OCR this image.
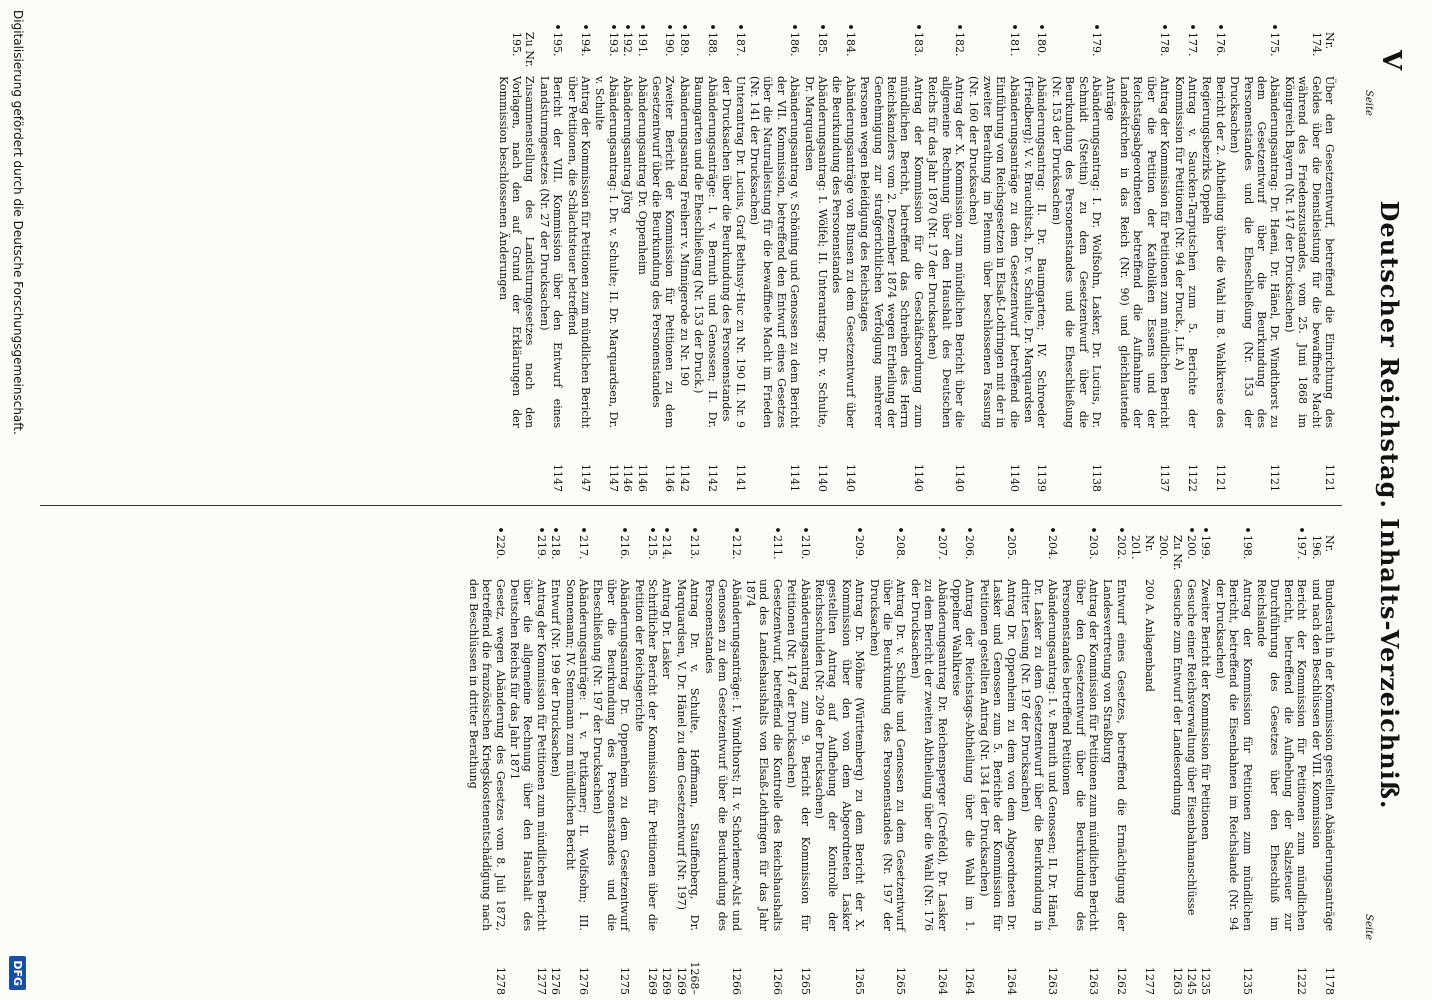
V
Deutscher Reichstag. Inhalts-Verzeichniß.
Seite
Seite
Nr. 174.
Über den Gesetzentwurf, betreffend die Einrichtung des Geldes über die Dienstleistung für die bewaffnete Macht während des Friedenszustandes, vom 25. Juni 1868 im Königreich Bayern (Nr. 147 der Drucksachen)
1121
•
175.
Abänderungsantrag: Dr. Haeni, Dr. Hänel, Dr. Windthorst zu dem Gesetzentwurf über die Beurkundung des Personenstandes und die Eheschließung (Nr. 153 der Drucksachen)
1121
•
176.
Bericht der 2. Abtheilung über die Wahl im 8. Wahlkreise des Regierungsbezirks Oppeln
1121
•
177.
Antrag v. Saucken-Tarputschen zum 5. Berichte der Kommission für Petitionen (Nr. 94 der Druck., Lit. A)
1122
•
178.
Antrag der Kommission für Petitionen zum mündlichen Bericht über die Petition der Katholiken Essens und der Reichstagsabgeordneten betreffend die Aufnahme der Landeskirchen in das Reich (Nr. 90) und gleichlautende Anträge
1137
•
179.
Abänderungsantrag: I. Dr. Wolfsohn, Lasker, Dr. Lucius, Dr. Schmidt (Stettin) zu dem Gesetzentwurf über die Beurkundung des Personenstandes und die Eheschließung (Nr. 153 der Drucksachen)
1138
•
180.
Abänderungsantrag: II. Dr. Baumgarten; IV. Schroeder (Friedberg); V. v. Brauchitsch, Dr. v. Schulte, Dr. Marquardsen
1139
•
181.
Abänderungsanträge zu dem Gesetzentwurf betreffend die Einführung von Reichsgesetzen in Elsaß-Lothringen mit der in zweiter Berathung im Plenum über beschlossenen Fassung (Nr. 160 der Drucksachen)
1140
•
182.
Antrag der X. Kommission zum mündlichen Bericht über die allgemeine Rechnung über den Haushalt des Deutschen Reichs für das Jahr 1870 (Nr. 17 der Drucksachen)
1140
•
183.
Antrag der Kommission für die Geschäftsordnung zum mündlichen Bericht, betreffend das Schreiben des Herrn Reichskanzlers vom 2. Dezember 1874 wegen Ertheilung der Genehmigung zur strafgerichtlichen Verfolgung mehrerer Personen wegen Beleidigung des Reichstages
1140
•
184.
Abänderungsanträge von Bunsen zu dem Gesetzentwurf über die Beurkundung des Personenstandes
1140
•
185.
Abänderungsantrag: I. Wölfel; II. Unterantrag: Dr. v. Schulte, Dr. Marquardsen
1140
•
186.
Abänderungsantrag v. Schöning und Genossen zu dem Bericht der VII. Kommission, betreffend den Entwurf eines Gesetzes über die Naturalleistung für die bewaffnete Macht im Frieden (Nr. 141 der Drucksachen)
1141
•
187.
Unterantrag Dr. Lucius, Graf Bethusy-Huc zu Nr. 190 II. Nr. 9 der Drucksachen über die Beurkundung des Personenstandes
1141
•
188.
Abänderungsanträge: I. v. Bernuth und Genossen; II. Dr. Baumgarten und die Eheschließung (Nr. 153 der Druck.)
1142
•
189.
Abänderungsantrag Freiherr v. Minnigerode zu Nr. 190
1142
•
190.
Zweiter Bericht der Kommission für Petitionen zu dem Gesetzentwurf über die Beurkundung des Personenstandes
1146
•
191.
Abänderungsantrag Dr. Oppenheim
1146
•
192.
Abänderungsantrag Jörg
1146
•
193.
Abänderungsantrag: I. Dr. v. Schulte; II. Dr. Marquardsen, Dr. v. Schulte
1147
•
194.
Antrag der Kommission für Petitionen zum mündlichen Bericht über Petitionen, die Schlachtsteuer betreffend
1147
•
195.
Bericht der VIII. Kommission über den Entwurf eines Landsturmgesetzes (Nr. 27 der Drucksachen)
1147
Zu Nr. 195.
Zusammenstellung des Landsturmgesetzes nach den Vorlagen, nach den auf Grund der Erklärungen der Kommission beschlossenen Änderungen
Nr. 196.
Bundesrath in der Kommission gestellten Abänderungsanträge und nach den Beschlüssen der VIII. Kommission
1178
•
197.
Bericht der Kommission für Petitionen zum mündlichen Bericht, betreffend die Aufhebung der Salzsteuer zur Durchführung des Gesetzes über den Eheschluß im Reichslande
1222
•
198.
Antrag der Kommission für Petitionen zum mündlichen Bericht, betreffend die Eisenbahnen im Reichslande (Nr. 94 der Drucksachen)
1235
•
199.
Zweiter Bericht der Kommission für Petitionen
1235
•
200.
Gesuche einer Reichsverwaltung über Eisenbahnanschlüsse
1245
Zu Nr. 200.
Gesuche zum Entwurf der Landesordnung
1263
Nr. 201.
200 A. Anlagenband
1277
•
202.
Entwurf eines Gesetzes, betreffend die Ermächtigung der Landesvertretung von Straßburg
1262
•
203.
Antrag der Kommission für Petitionen zum mündlichen Bericht über den Gesetzentwurf über die Beurkundung des Personenstandes betreffend Petitionen
1263
•
204.
Abänderungsantrag: I. v. Bernuth und Genossen; II. Dr. Hänel, Dr. Lasker zu dem Gesetzentwurf über die Beurkundung in dritter Lesung (Nr. 197 der Drucksachen)
1263
•
205.
Antrag Dr. Oppenheim zu dem von dem Abgeordneten Dr. Lasker und Genossen zum 5. Berichte der Kommission für Petitionen gestellten Antrag (Nr. 134 I der Drucksachen)
1264
•
206.
Antrag der Reichstags-Abtheilung über die Wahl im 1. Oppelner Wahlkreise
1264
•
207.
Abänderungsantrag Dr. Reichensperger (Crefeld), Dr. Lasker zu dem Bericht der zweiten Abtheilung über die Wahl (Nr. 176 der Drucksachen)
1264
•
208.
Antrag Dr. v. Schulte und Genossen zu dem Gesetzentwurf über die Beurkundung des Personenstandes (Nr. 197 der Drucksachen)
1265
•
209.
Antrag Dr. Möhne (Württemberg) zu dem Bericht der X. Kommission über den von dem Abgeordneten Lasker gestellten Antrag auf Aufhebung der Kontrolle der Reichsschulden (Nr. 209 der Drucksachen)
1265
•
210.
Abänderungsantrag zum 9. Bericht der Kommission für Petitionen (Nr. 147 der Drucksachen)
1265
•
211.
Gesetzentwurf, betreffend die Kontrolle des Reichshaushalts und des Landeshaushalts von Elsaß-Lothringen für das Jahr 1874
1266
•
212.
Abänderungsanträge: I. Windthorst; II. v. Schorlemer-Alst und Genossen zu dem Gesetzentwurf über die Beurkundung des Personenstandes
1266
•
213.
Antrag Dr. v. Schulte, Hoffmann, Stauffenberg, Dr. Marquardsen, V. Dr. Hänel zu dem Gesetzentwurf (Nr. 197)
1268–1269
•
214.
Antrag Dr. Lasker
1269
•
215.
Schriftlicher Bericht der Kommission für Petitionen über die Petition der Reichsgerichte
1269
•
216.
Abänderungsantrag Dr. Oppenheim zu dem Gesetzentwurf über die Beurkundung des Personenstandes und die Eheschließung (Nr. 197 der Drucksachen)
1275
•
217.
Abänderungsanträge: I. v. Puttkamer; II. Wolfsohn; III. Sonnemann; IV. Stemmann zum mündlichen Bericht
1276
•
218.
Entwurf (Nr. 199 der Drucksachen)
1276
•
219.
Antrag der Kommission für Petitionen zum mündlichen Bericht über die allgemeine Rechnung über den Haushalt des Deutschen Reichs für das Jahr 1871
1277
•
220.
Gesetz, wegen Abänderung des Gesetzes vom 8. Juli 1872, betreffend die französischen Kriegskostenentschädigung nach den Beschlüssen in dritter Berathung
1278
Digitalisierung gefördert durch die Deutsche Forschungsgemeinschaft.
DFG
